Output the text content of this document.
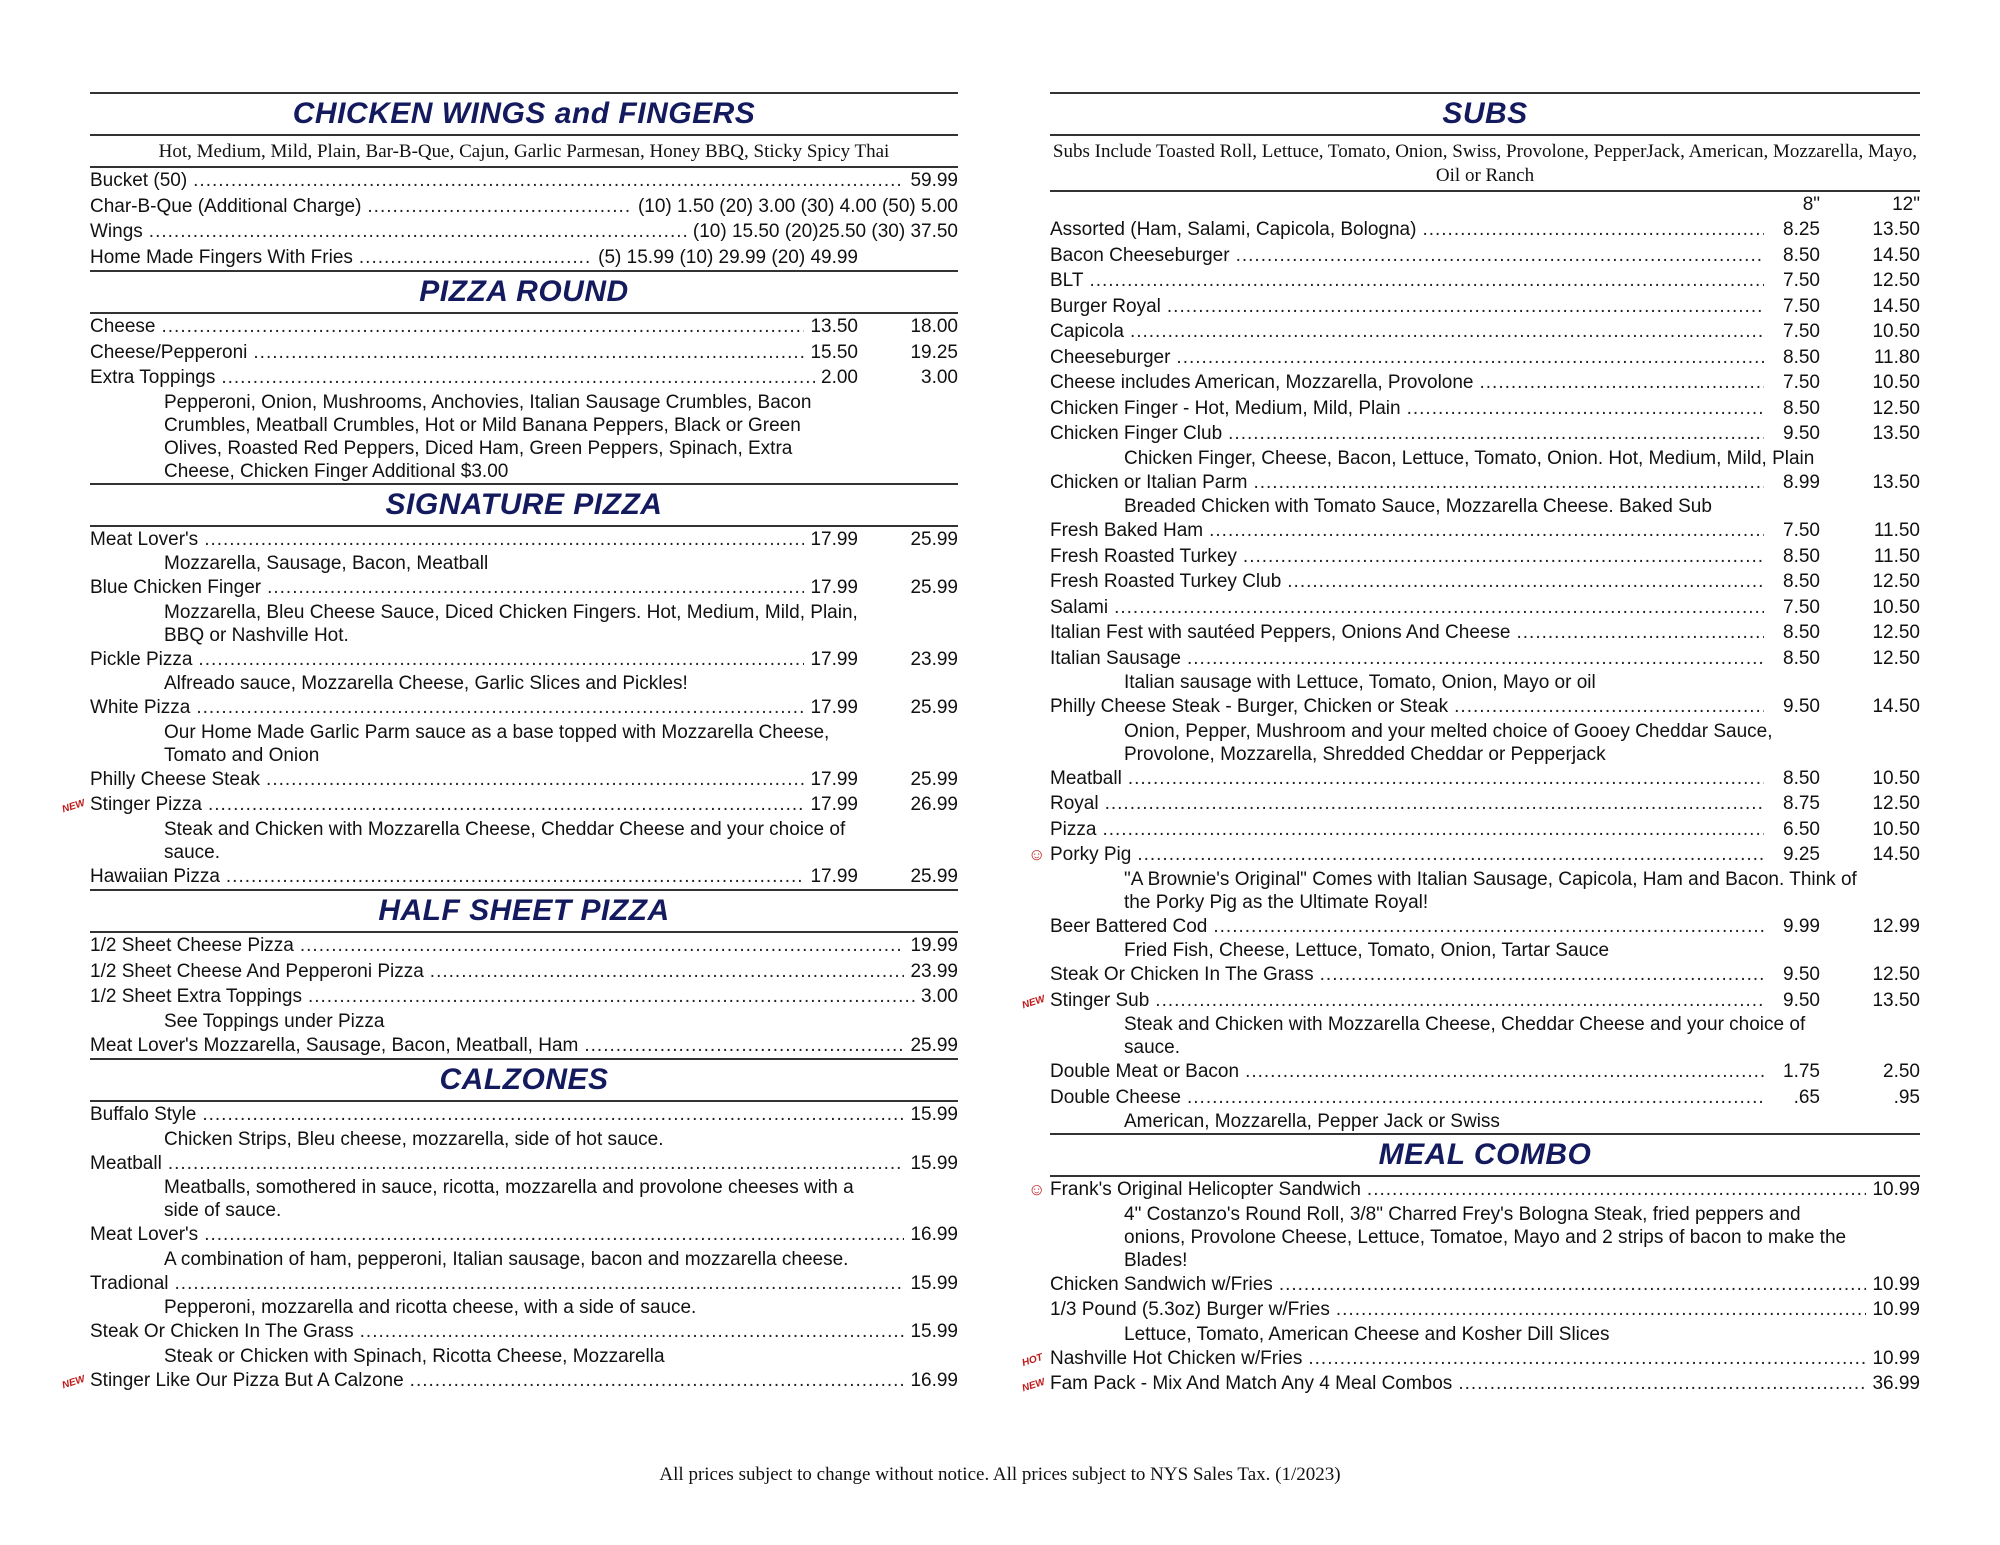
CHICKEN WINGS and FINGERS
Hot, Medium, Mild, Plain, Bar-B-Que, Cajun, Garlic Parmesan, Honey BBQ, Sticky Spicy Thai
Bucket (50) .....	59.99
Char-B-Que (Additional Charge) .....	(10) 1.50 (20) 3.00 (30) 4.00 (50) 5.00
Wings .....	(10) 15.50 (20)25.50 (30) 37.50
Home Made Fingers With Fries .....	(5) 15.99 (10) 29.99 (20) 49.99
PIZZA ROUND
Cheese .....	13.50	18.00
Cheese/Pepperoni .....	15.50	19.25
Extra Toppings .....	2.00	3.00
Pepperoni, Onion, Mushrooms, Anchovies, Italian Sausage Crumbles, Bacon Crumbles, Meatball Crumbles, Hot or Mild Banana Peppers, Black or Green Olives, Roasted Red Peppers, Diced Ham, Green Peppers, Spinach, Extra Cheese, Chicken Finger Additional $3.00
SIGNATURE PIZZA
Meat Lover's .....	17.99	25.99
Mozzarella, Sausage, Bacon, Meatball
Blue Chicken Finger .....	17.99	25.99
Mozzarella, Bleu Cheese Sauce, Diced Chicken Fingers. Hot, Medium, Mild, Plain, BBQ or Nashville Hot.
Pickle Pizza .....	17.99	23.99
Alfreado sauce, Mozzarella Cheese, Garlic Slices and Pickles!
White Pizza .....	17.99	25.99
Our Home Made Garlic Parm sauce as a base topped with Mozzarella Cheese, Tomato and Onion
Philly Cheese Steak .....	17.99	25.99
NEW Stinger Pizza .....	17.99	26.99
Steak and Chicken with Mozzarella Cheese, Cheddar Cheese and your choice of sauce.
Hawaiian Pizza .....	17.99	25.99
HALF SHEET PIZZA
1/2 Sheet Cheese Pizza .....	19.99
1/2 Sheet Cheese And Pepperoni Pizza .....	23.99
1/2 Sheet Extra Toppings .....	3.00
See Toppings under Pizza
Meat Lover's Mozzarella, Sausage, Bacon, Meatball, Ham .....	25.99
CALZONES
Buffalo Style .....	15.99
Chicken Strips, Bleu cheese, mozzarella, side of hot sauce.
Meatball .....	15.99
Meatballs, somothered in sauce, ricotta, mozzarella and provolone cheeses with a side of sauce.
Meat Lover's .....	16.99
A combination of ham, pepperoni, Italian sausage, bacon and mozzarella cheese.
Tradional .....	15.99
Pepperoni, mozzarella and ricotta cheese, with a side of sauce.
Steak Or Chicken In The Grass .....	15.99
Steak or Chicken with Spinach, Ricotta Cheese, Mozzarella
NEW Stinger Like Our Pizza But A Calzone .....	16.99
SUBS
Subs Include Toasted Roll, Lettuce, Tomato, Onion, Swiss, Provolone, PepperJack, American, Mozzarella, Mayo, Oil or Ranch
8"	12"
Assorted (Ham, Salami, Capicola, Bologna) .....	8.25	13.50
Bacon Cheeseburger .....	8.50	14.50
BLT .....	7.50	12.50
Burger Royal .....	7.50	14.50
Capicola .....	7.50	10.50
Cheeseburger .....	8.50	11.80
Cheese includes American, Mozzarella, Provolone .....	7.50	10.50
Chicken Finger - Hot, Medium, Mild, Plain .....	8.50	12.50
Chicken Finger Club .....	9.50	13.50
Chicken Finger, Cheese, Bacon, Lettuce, Tomato, Onion. Hot, Medium, Mild, Plain
Chicken or Italian Parm .....	8.99	13.50
Breaded Chicken with Tomato Sauce, Mozzarella Cheese. Baked Sub
Fresh Baked Ham .....	7.50	11.50
Fresh Roasted Turkey .....	8.50	11.50
Fresh Roasted Turkey Club .....	8.50	12.50
Salami .....	7.50	10.50
Italian Fest with sautéed Peppers, Onions And Cheese .....	8.50	12.50
Italian Sausage .....	8.50	12.50
Italian sausage with Lettuce, Tomato, Onion, Mayo or oil
Philly Cheese Steak - Burger, Chicken or Steak .....	9.50	14.50
Onion, Pepper, Mushroom and your melted choice of Gooey Cheddar Sauce, Provolone, Mozzarella, Shredded Cheddar or Pepperjack
Meatball .....	8.50	10.50
Royal .....	8.75	12.50
Pizza .....	6.50	10.50
☺ Porky Pig .....	9.25	14.50
"A Brownie's Original" Comes with Italian Sausage, Capicola, Ham and Bacon. Think of the Porky Pig as the Ultimate Royal!
Beer Battered Cod .....	9.99	12.99
Fried Fish, Cheese, Lettuce, Tomato, Onion, Tartar Sauce
Steak Or Chicken In The Grass .....	9.50	12.50
NEW Stinger Sub .....	9.50	13.50
Steak and Chicken with Mozzarella Cheese, Cheddar Cheese and your choice of sauce.
Double Meat or Bacon .....	1.75	2.50
Double Cheese .....	.65	.95
American, Mozzarella, Pepper Jack or Swiss
MEAL COMBO
☺ Frank's Original Helicopter Sandwich .....	10.99
4" Costanzo's Round Roll, 3/8" Charred Frey's Bologna Steak, fried peppers and onions, Provolone Cheese, Lettuce, Tomatoe, Mayo and 2 strips of bacon to make the Blades!
Chicken Sandwich w/Fries .....	10.99
1/3 Pound (5.3oz) Burger w/Fries .....	10.99
Lettuce, Tomato, American Cheese and Kosher Dill Slices
HOT Nashville Hot Chicken w/Fries .....	10.99
NEW Fam Pack - Mix And Match Any 4 Meal Combos .....	36.99
All prices subject to change without notice. All prices subject to NYS Sales Tax. (1/2023)
